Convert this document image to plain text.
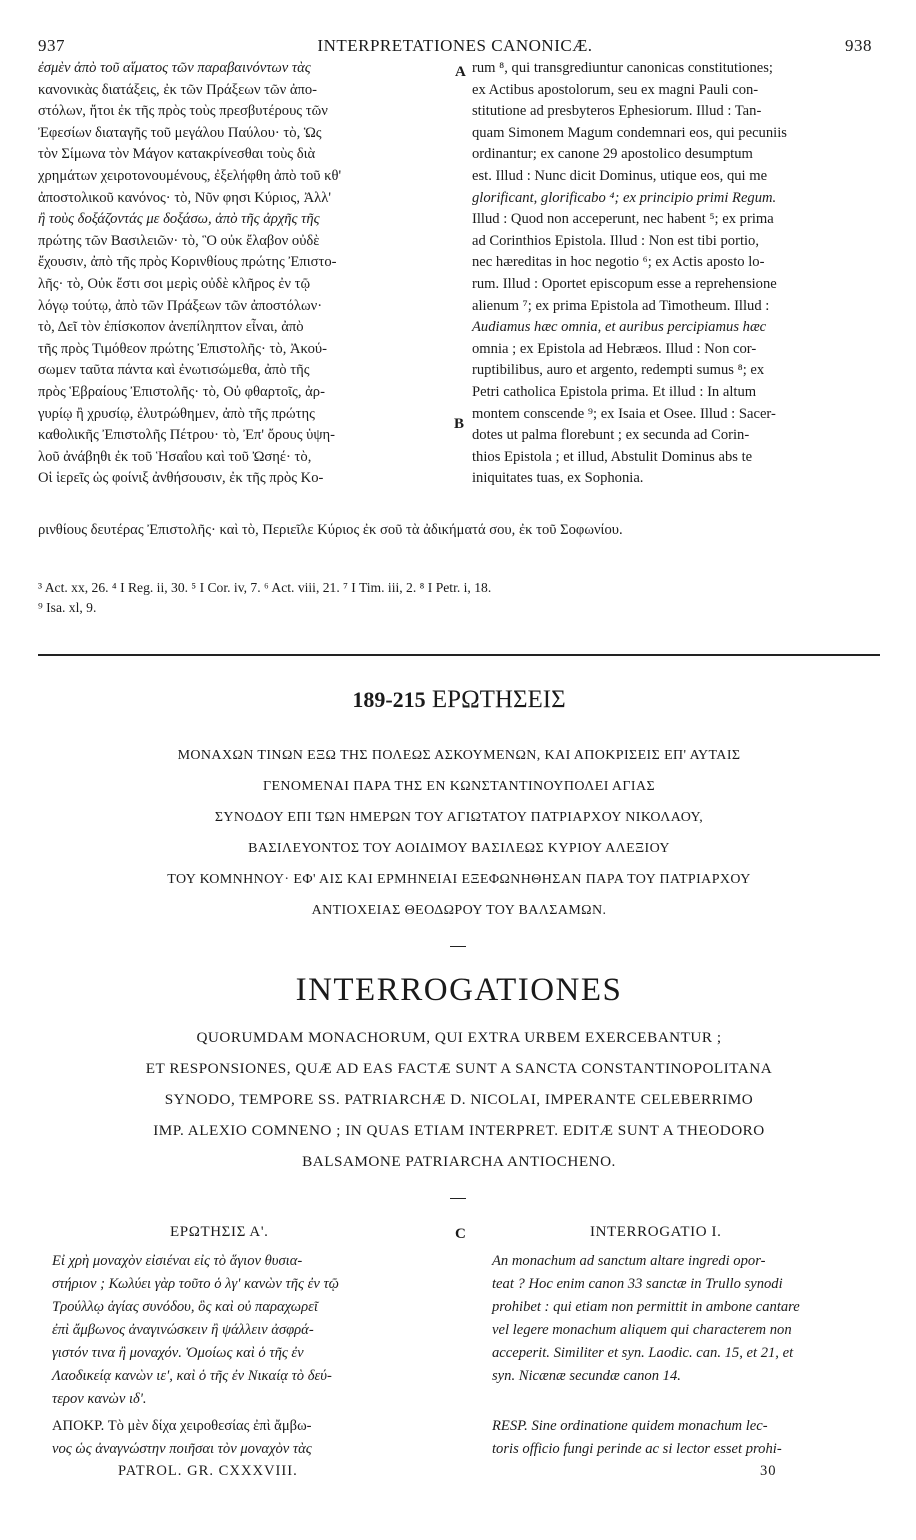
937	INTERPRETATIONES CANONICÆ.	938

ἐσμὲν ἀπὸ τοῦ αἵματος τῶν παραβαινόντων τὰς

κανονικὰς διατάξεις, ἐκ τῶν Πράξεων τῶν ἀπο-

στόλων, ἤτοι ἐκ τῆς πρὸς τοὺς πρεσβυτέρους τῶν

Ἐφεσίων διαταγῆς τοῦ μεγάλου Παύλου· τὸ, Ὡς

τὸν Σίμωνα τὸν Μάγον κατακρίνεσθαι τοὺς διὰ

χρημάτων χειροτονουμένους, ἐξελήφθη ἀπὸ τοῦ κθ'

ἀποστολικοῦ κανόνος· τὸ, Νῦν φησι Κύριος, Ἀλλ'

ἢ τοὺς δοξάζοντάς με δοξάσω, ἀπὸ τῆς ἀρχῆς τῆς

πρώτης τῶν Βασιλειῶν· τὸ, Ὃ οὐκ ἔλαβον οὐδὲ

ἔχουσιν, ἀπὸ τῆς πρὸς Κορινθίους πρώτης Ἐπιστο-

λῆς· τὸ, Οὐκ ἔστι σοι μερὶς οὐδὲ κλῆρος ἐν τῷ

λόγῳ τούτῳ, ἀπὸ τῶν Πράξεων τῶν ἀποστόλων·

τὸ, Δεῖ τὸν ἐπίσκοπον ἀνεπίληπτον εἶναι, ἀπὸ

τῆς πρὸς Τιμόθεον πρώτης Ἐπιστολῆς· τὸ, Ἀκού-

σωμεν ταῦτα πάντα καὶ ἐνωτισώμεθα, ἀπὸ τῆς

πρὸς Ἑβραίους Ἐπιστολῆς· τὸ, Οὐ φθαρτοῖς, ἀρ-

γυρίῳ ἢ χρυσίῳ, ἐλυτρώθημεν, ἀπὸ τῆς πρώτης

καθολικῆς Ἐπιστολῆς Πέτρου· τὸ, Ἐπ' ὄρους ὑψη-

λοῦ ἀνάβηθι ἐκ τοῦ Ἡσαΐου καὶ τοῦ Ὠσηέ· τὸ,

Οἱ ἱερεῖς ὡς φοίνιξ ἀνθήσουσιν, ἐκ τῆς πρὸς Κο-

A
B

rum ⁸, qui transgrediuntur canonicas constitutiones;

ex Actibus apostolorum, seu ex magni Pauli con-

stitutione ad presbyteros Ephesiorum. Illud : Tan-

quam Simonem Magum condemnari eos, qui pecuniis

ordinantur; ex canone 29 apostolico desumptum

est. Illud : Nunc dicit Dominus, utique eos, qui me

glorificant, glorificabo ⁴; ex principio primi Regum.

Illud : Quod non acceperunt, nec habent ⁵; ex prima

ad Corinthios Epistola. Illud : Non est tibi portio,

nec hæreditas in hoc negotio ⁶; ex Actis aposto lo-

rum. Illud : Oportet episcopum esse a reprehensione

alienum ⁷; ex prima Epistola ad Timotheum. Illud :

Audiamus hæc omnia, et auribus percipiamus hæc

omnia ; ex Epistola ad Hebræos. Illud : Non cor-

ruptibilibus, auro et argento, redempti sumus ⁸; ex

Petri catholica Epistola prima. Et illud : In altum

montem conscende ⁹; ex Isaia et Osee. Illud : Sacer-

dotes ut palma florebunt ; ex secunda ad Corin-

thios Epistola ; et illud, Abstulit Dominus abs te

iniquitates tuas, ex Sophonia.

ρινθίους δευτέρας Ἐπιστολῆς· καὶ τὸ, Περιεῖλε Κύριος ἐκ σοῦ τὰ ἀδικήματά σου, ἐκ τοῦ Σοφωνίου.

³ Act. xx, 26. ⁴ I Reg. ii, 30. ⁵ I Cor. iv, 7. ⁶ Act. viii, 21. ⁷ I Tim. iii, 2. ⁸ I Petr. i, 18.
⁹ Isa. xl, 9.
189-215 ΕΡΩΤΗΣΕΙΣ
ΜΟΝΑΧΩΝ ΤΙΝΩΝ ΕΞΩ ΤΗΣ ΠΟΛΕΩΣ ΑΣΚΟΥΜΕΝΩΝ, ΚΑΙ ΑΠΟΚΡΙΣΕΙΣ ΕΠ' ΑΥΤΑΙΣ
ΓΕΝΟΜΕΝΑΙ ΠΑΡΑ ΤΗΣ ΕΝ ΚΩΝΣΤΑΝΤΙΝΟΥΠΟΛΕΙ ΑΓΙΑΣ
ΣΥΝΟΔΟΥ ΕΠΙ ΤΩΝ ΗΜΕΡΩΝ ΤΟΥ ΑΓΙΩΤΑΤΟΥ ΠΑΤΡΙΑΡΧΟΥ ΝΙΚΟΛΑΟΥ,
ΒΑΣΙΛΕΥΟΝΤΟΣ ΤΟΥ ΑΟΙΔΙΜΟΥ ΒΑΣΙΛΕΩΣ ΚΥΡΙΟΥ ΑΛΕΞΙΟΥ
ΤΟΥ ΚΟΜΝΗΝΟΥ· ΕΦ' ΑΙΣ ΚΑΙ ΕΡΜΗΝΕΙΑΙ ΕΞΕΦΩΝΗΘΗΣΑΝ ΠΑΡΑ ΤΟΥ ΠΑΤΡΙΑΡΧΟΥ
ΑΝΤΙΟΧΕΙΑΣ ΘΕΟΔΩΡΟΥ ΤΟΥ ΒΑΛΣΑΜΩΝ.
INTERROGATIONES
QUORUMDAM MONACHORUM, QUI EXTRA URBEM EXERCEBANTUR ;
ET RESPONSIONES, QUÆ AD EAS FACTÆ SUNT A SANCTA CONSTANTINOPOLITANA
SYNODO, TEMPORE SS. PATRIARCHÆ D. NICOLAI, IMPERANTE CELEBERRIMO
IMP. ALEXIO COMNENO ; IN QUAS ETIAM INTERPRET. EDITÆ SUNT A THEODORO
BALSAMONE PATRIARCHA ANTIOCHENO.
ΕΡΩΤΗΣΙΣ Α'.	C	INTERROGATIO I.
Εἰ χρὴ μοναχὸν εἰσιέναι εἰς τὸ ἅγιον θυσια-
στήριον ; Κωλύει γὰρ τοῦτο ὁ λγ' κανὼν τῆς ἐν τῷ
Τρούλλῳ ἁγίας συνόδου, ὃς καὶ οὐ παραχωρεῖ
ἐπὶ ἄμβωνος ἀναγινώσκειν ἢ ψάλλειν ἀσφρά-
γιστόν τινα ἢ μοναχόν. Ὁμοίως καὶ ὁ τῆς ἐν
Λαοδικείᾳ κανὼν ιε', καὶ ὁ τῆς ἐν Νικαίᾳ τὸ δεύ-
τερον κανὼν ιδ'.
ΑΠΟΚΡ. Τὸ μὲν δίχα χειροθεσίας ἐπὶ ἄμβω-
νος ὡς ἀναγνώστην ποιῆσαι τὸν μοναχὸν τὰς
An monachum ad sanctum altare ingredi opor-
teat ? Hoc enim canon 33 sanctæ in Trullo synodi
prohibet : qui etiam non permittit in ambone cantare
vel legere monachum aliquem qui characterem non
acceperit. Similiter et syn. Laodic. can. 15, et 21, et
syn. Nicænæ secundæ canon 14.
RESP. Sine ordinatione quidem monachum lec-
toris officio fungi perinde ac si lector esset prohi-
PATROL. GR. CXXXVIII.	30
